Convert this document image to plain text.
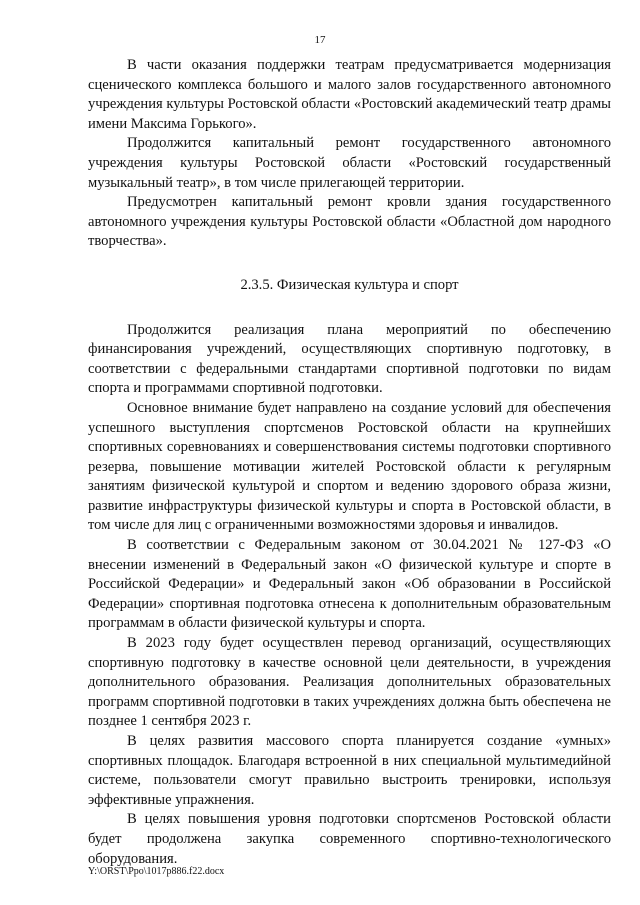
17

В части оказания поддержки театрам предусматривается модернизация сценического комплекса большого и малого залов государственного автономного учреждения культуры Ростовской области «Ростовский академический театр драмы имени Максима Горького».

Продолжится капитальный ремонт государственного автономного учреждения культуры Ростовской области «Ростовский государственный музыкальный театр», в том числе прилегающей территории.

Предусмотрен капитальный ремонт кровли здания государственного автономного учреждения культуры Ростовской области «Областной дом народного творчества».

2.3.5. Физическая культура и спорт

Продолжится реализация плана мероприятий по обеспечению финансирования учреждений, осуществляющих спортивную подготовку, в соответствии с федеральными стандартами спортивной подготовки по видам спорта и программами спортивной подготовки.

Основное внимание будет направлено на создание условий для обеспечения успешного выступления спортсменов Ростовской области на крупнейших спортивных соревнованиях и совершенствования системы подготовки спортивного резерва, повышение мотивации жителей Ростовской области к регулярным занятиям физической культурой и спортом и ведению здорового образа жизни, развитие инфраструктуры физической культуры и спорта в Ростовской области, в том числе для лиц с ограниченными возможностями здоровья и инвалидов.

В соответствии с Федеральным законом от 30.04.2021 № 127-ФЗ «О внесении изменений в Федеральный закон «О физической культуре и спорте в Российской Федерации» и Федеральный закон «Об образовании в Российской Федерации» спортивная подготовка отнесена к дополнительным образовательным программам в области физической культуры и спорта.

В 2023 году будет осуществлен перевод организаций, осуществляющих спортивную подготовку в качестве основной цели деятельности, в учреждения дополнительного образования. Реализация дополнительных образовательных программ спортивной подготовки в таких учреждениях должна быть обеспечена не позднее 1 сентября 2023 г.

В целях развития массового спорта планируется создание «умных» спортивных площадок. Благодаря встроенной в них специальной мультимедийной системе, пользователи смогут правильно выстроить тренировки, используя эффективные упражнения.

В целях повышения уровня подготовки спортсменов Ростовской области будет продолжена закупка современного спортивно-технологического оборудования.

Y:\ORST\Ppo\1017p886.f22.docx
